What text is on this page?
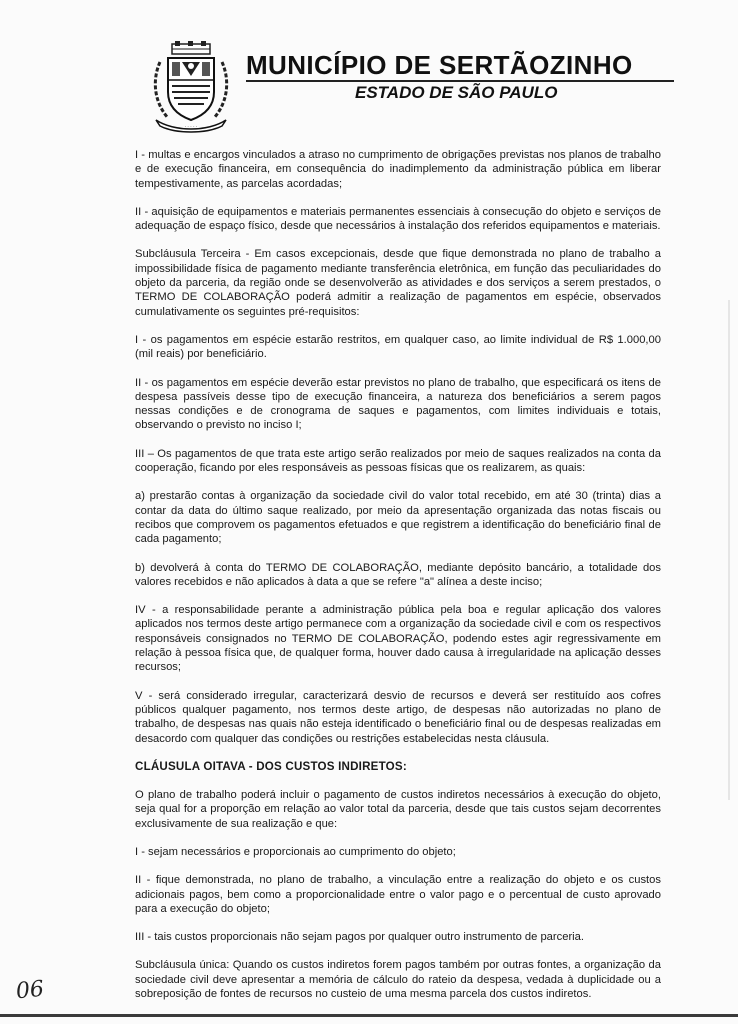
· · · · ·
MUNICÍPIO DE SERTÃOZINHO
ESTADO DE SÃO PAULO

I - multas e encargos vinculados a atraso no cumprimento de obrigações previstas nos planos de trabalho e de execução financeira, em consequência do inadimplemento da administração pública em liberar tempestivamente, as parcelas acordadas;

II - aquisição de equipamentos e materiais permanentes essenciais à consecução do objeto e serviços de adequação de espaço físico, desde que necessários à instalação dos referidos equipamentos e materiais.

Subcláusula Terceira - Em casos excepcionais, desde que fique demonstrada no plano de trabalho a impossibilidade física de pagamento mediante transferência eletrônica, em função das peculiaridades do objeto da parceria, da região onde se desenvolverão as atividades e dos serviços a serem prestados, o TERMO DE COLABORAÇÃO poderá admitir a realização de pagamentos em espécie, observados cumulativamente os seguintes pré-requisitos:

I - os pagamentos em espécie estarão restritos, em qualquer caso, ao limite individual de R$ 1.000,00 (mil reais) por beneficiário.

II - os pagamentos em espécie deverão estar previstos no plano de trabalho, que especificará os itens de despesa passíveis desse tipo de execução financeira, a natureza dos beneficiários a serem pagos nessas condições e de cronograma de saques e pagamentos, com limites individuais e totais, observando o previsto no inciso I;

III – Os pagamentos de que trata este artigo serão realizados por meio de saques realizados na conta da cooperação, ficando por eles responsáveis as pessoas físicas que os realizarem, as quais:

a) prestarão contas à organização da sociedade civil do valor total recebido, em até 30 (trinta) dias a contar da data do último saque realizado, por meio da apresentação organizada das notas fiscais ou recibos que comprovem os pagamentos efetuados e que registrem a identificação do beneficiário final de cada pagamento;

b) devolverá à conta do TERMO DE COLABORAÇÃO, mediante depósito bancário, a totalidade dos valores recebidos e não aplicados à data a que se refere "a" alínea a deste inciso;

IV - a responsabilidade perante a administração pública pela boa e regular aplicação dos valores aplicados nos termos deste artigo permanece com a organização da sociedade civil e com os respectivos responsáveis consignados no TERMO DE COLABORAÇÃO, podendo estes agir regressivamente em relação à pessoa física que, de qualquer forma, houver dado causa à irregularidade na aplicação desses recursos;

V - será considerado irregular, caracterizará desvio de recursos e deverá ser restituído aos cofres públicos qualquer pagamento, nos termos deste artigo, de despesas não autorizadas no plano de trabalho, de despesas nas quais não esteja identificado o beneficiário final ou de despesas realizadas em desacordo com qualquer das condições ou restrições estabelecidas nesta cláusula.

CLÁUSULA OITAVA - DOS CUSTOS INDIRETOS:

O plano de trabalho poderá incluir o pagamento de custos indiretos necessários à execução do objeto, seja qual for a proporção em relação ao valor total da parceria, desde que tais custos sejam decorrentes exclusivamente de sua realização e que:

I - sejam necessários e proporcionais ao cumprimento do objeto;

II - fique demonstrada, no plano de trabalho, a vinculação entre a realização do objeto e os custos adicionais pagos, bem como a proporcionalidade entre o valor pago e o percentual de custo aprovado para a execução do objeto;

III - tais custos proporcionais não sejam pagos por qualquer outro instrumento de parceria.

Subcláusula única: Quando os custos indiretos forem pagos também por outras fontes, a organização da sociedade civil deve apresentar a memória de cálculo do rateio da despesa, vedada à duplicidade ou a sobreposição de fontes de recursos no custeio de uma mesma parcela dos custos indiretos.

06
